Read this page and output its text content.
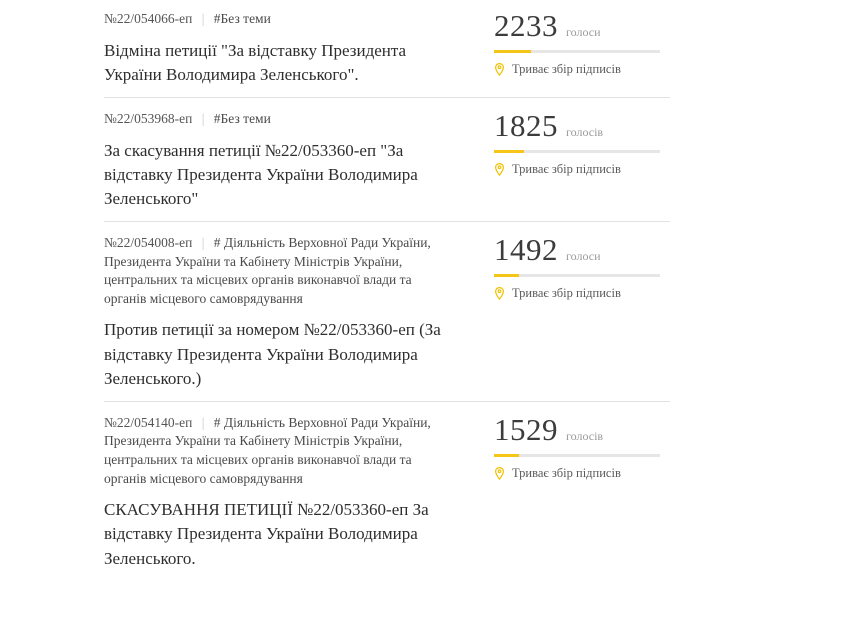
№22/054066-еп | #Без теми
Відміна петиції "За відставку Президента України Володимира Зеленського".
2233 голоси
Триває збір підписів
№22/053968-еп | #Без теми
За скасування петиції №22/053360-еп "За відставку Президента України Володимира Зеленського"
1825 голосів
Триває збір підписів
№22/054008-еп | # Діяльність Верховної Ради України, Президента України та Кабінету Міністрів України, центральних та місцевих органів виконавчої влади та органів місцевого самоврядування
Против петиції за номером №22/053360-еп (За відставку Президента України Володимира Зеленського.)
1492 голоси
Триває збір підписів
№22/054140-еп | # Діяльність Верховної Ради України, Президента України та Кабінету Міністрів України, центральних та місцевих органів виконавчої влади та органів місцевого самоврядування
СКАСУВАННЯ ПЕТИЦІЇ №22/053360-еп За відставку Президента України Володимира Зеленського.
1529 голосів
Триває збір підписів
